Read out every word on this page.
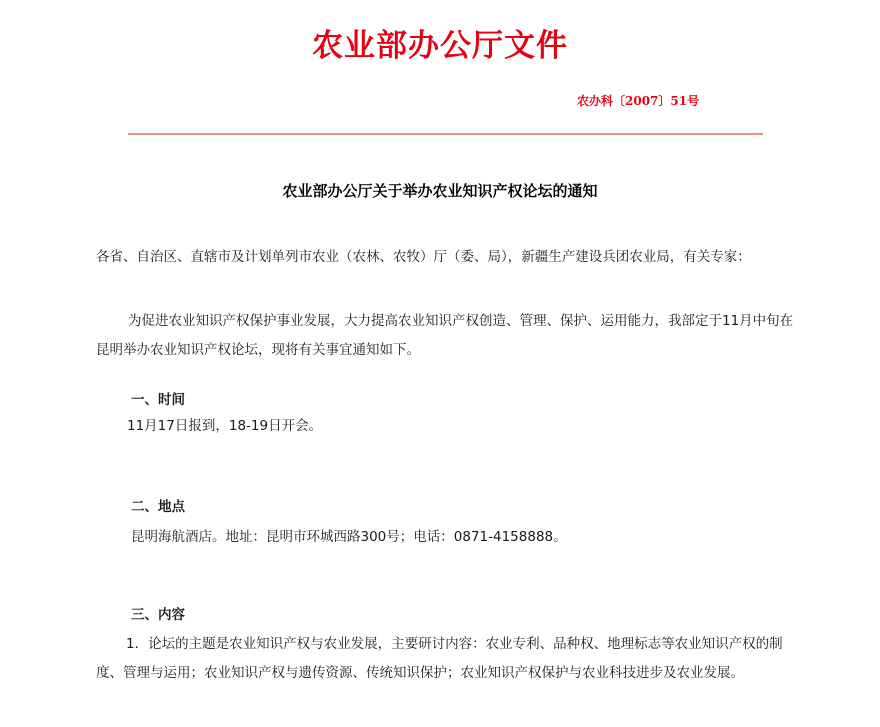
农业部办公厅文件
农办科〔2007〕51号
农业部办公厅关于举办农业知识产权论坛的通知
各省、自治区、直辖市及计划单列市农业（农林、农牧）厅（委、局），新疆生产建设兵团农业局，有关专家：
为促进农业知识产权保护事业发展，大力提高农业知识产权创造、管理、保护、运用能力，我部定于11月中旬在昆明举办农业知识产权论坛，现将有关事宜通知如下。
一、时间
11月17日报到，18-19日开会。
二、地点
昆明海航酒店。地址：昆明市环城西路300号；电话：0871-4158888。
三、内容
1．论坛的主题是农业知识产权与农业发展，主要研讨内容：农业专利、品种权、地理标志等农业知识产权的制度、管理与运用；农业知识产权与遗传资源、传统知识保护；农业知识产权保护与农业科技进步及农业发展。
